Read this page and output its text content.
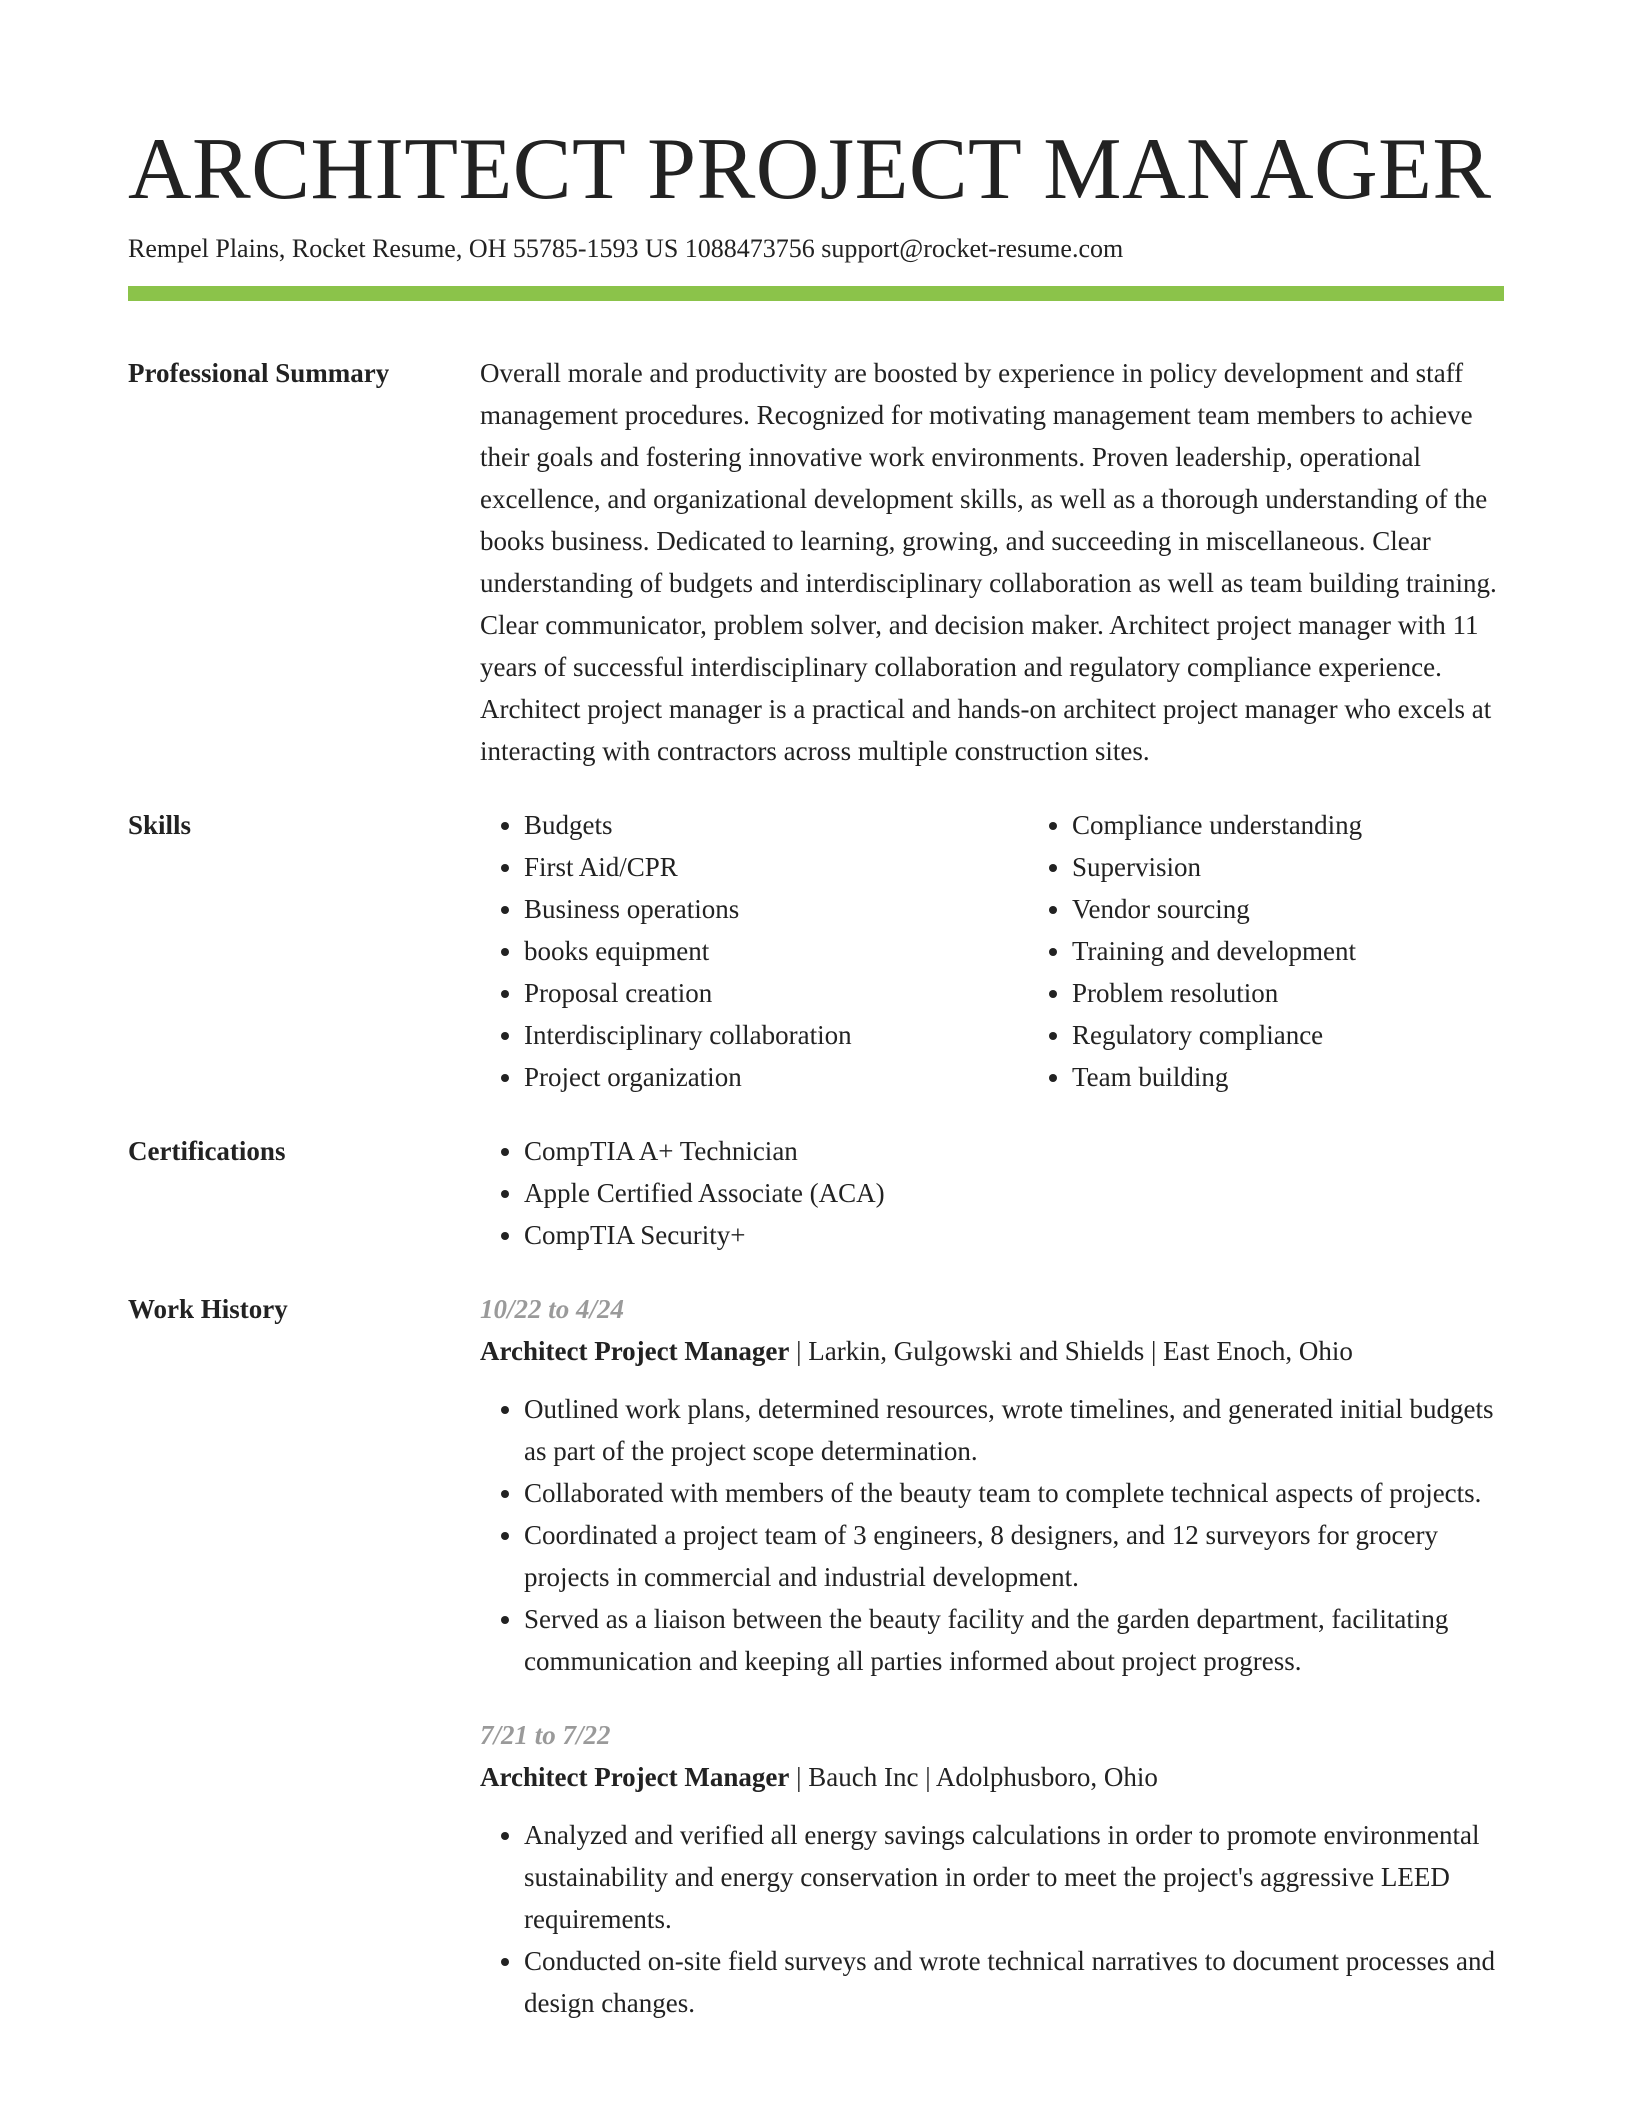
ARCHITECT PROJECT MANAGER
Rempel Plains, Rocket Resume, OH 55785-1593 US 1088473756 support@rocket-resume.com
Professional Summary	Overall morale and productivity are boosted by experience in policy development and staff management procedures. Recognized for motivating management team members to achieve their goals and fostering innovative work environments. Proven leadership, operational excellence, and organizational development skills, as well as a thorough understanding of the books business. Dedicated to learning, growing, and succeeding in miscellaneous. Clear understanding of budgets and interdisciplinary collaboration as well as team building training. Clear communicator, problem solver, and decision maker. Architect project manager with 11 years of successful interdisciplinary collaboration and regulatory compliance experience. Architect project manager is a practical and hands-on architect project manager who excels at interacting with contractors across multiple construction sites.

Skills	• Budgets
• First Aid/CPR
• Business operations
• books equipment
• Proposal creation
• Interdisciplinary collaboration
• Project organization
• Compliance understanding
• Supervision
• Vendor sourcing
• Training and development
• Problem resolution
• Regulatory compliance
• Team building
Certifications	• CompTIA A+ Technician
• Apple Certified Associate (ACA)
• CompTIA Security+
Work History	10/22 to 4/24
Architect Project Manager | Larkin, Gulgowski and Shields | East Enoch, Ohio
• Outlined work plans, determined resources, wrote timelines, and generated initial budgets as part of the project scope determination.
• Collaborated with members of the beauty team to complete technical aspects of projects.
• Coordinated a project team of 3 engineers, 8 designers, and 12 surveyors for grocery projects in commercial and industrial development.
• Served as a liaison between the beauty facility and the garden department, facilitating communication and keeping all parties informed about project progress.
7/21 to 7/22
Architect Project Manager | Bauch Inc | Adolphusboro, Ohio
• Analyzed and verified all energy savings calculations in order to promote environmental sustainability and energy conservation in order to meet the project's aggressive LEED requirements.
• Conducted on-site field surveys and wrote technical narratives to document processes and design changes.
